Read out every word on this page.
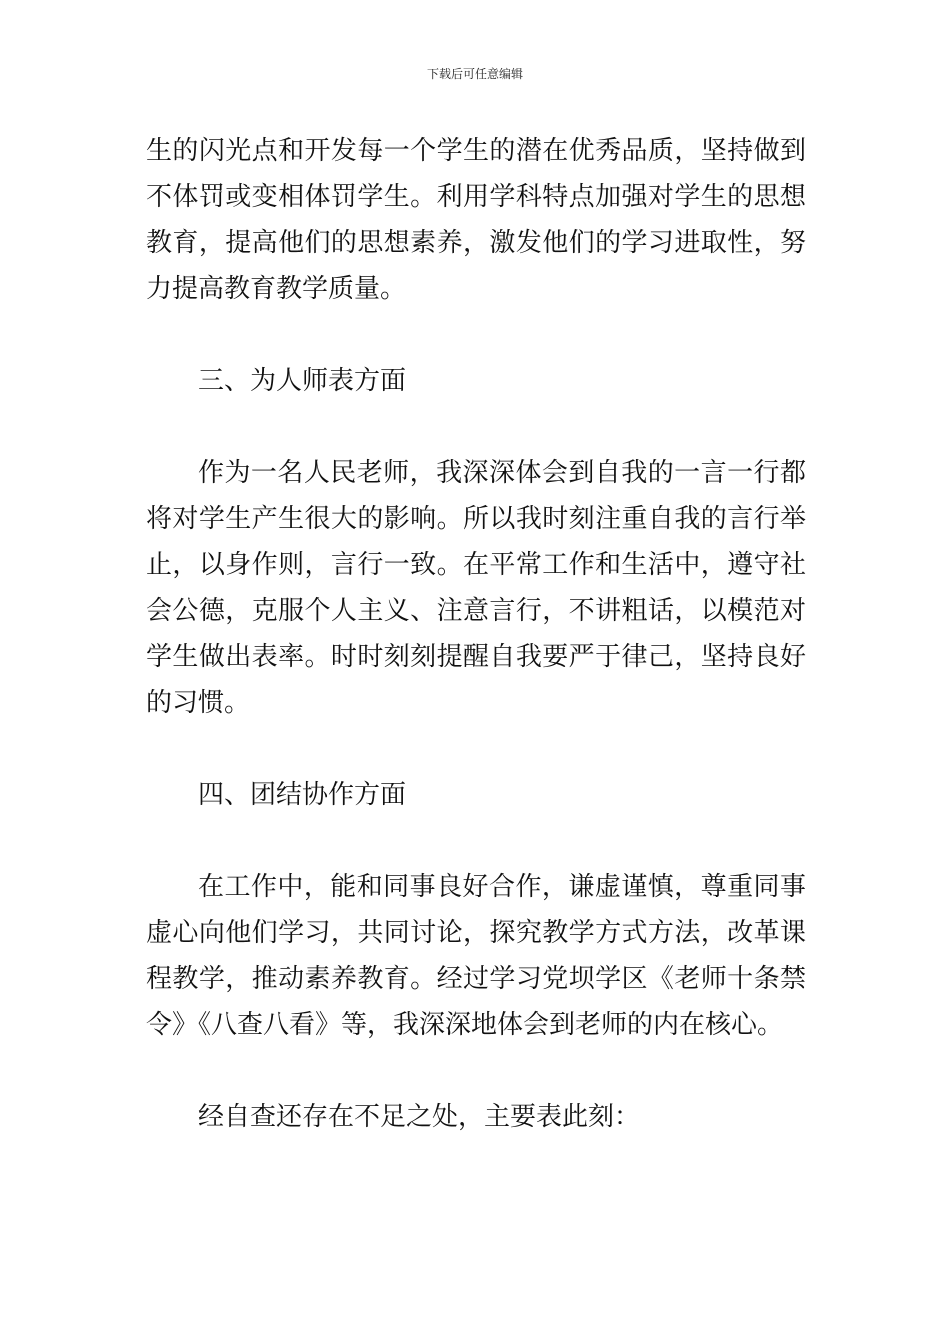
下载后可任意编辑

生的闪光点和开发每一个学生的潜在优秀品质，坚持做到不体罚或变相体罚学生。利用学科特点加强对学生的思想教育，提高他们的思想素养，激发他们的学习进取性，努力提高教育教学质量。

三、为人师表方面

作为一名人民老师，我深深体会到自我的一言一行都将对学生产生很大的影响。所以我时刻注重自我的言行举止，以身作则，言行一致。在平常工作和生活中，遵守社会公德，克服个人主义、注意言行，不讲粗话，以模范对学生做出表率。时时刻刻提醒自我要严于律己，坚持良好的习惯。

四、团结协作方面

在工作中，能和同事良好合作，谦虚谨慎，尊重同事虚心向他们学习，共同讨论，探究教学方式方法，改革课程教学，推动素养教育。经过学习党坝学区《老师十条禁令》《八查八看》等，我深深地体会到老师的内在核心。

经自查还存在不足之处，主要表此刻：
